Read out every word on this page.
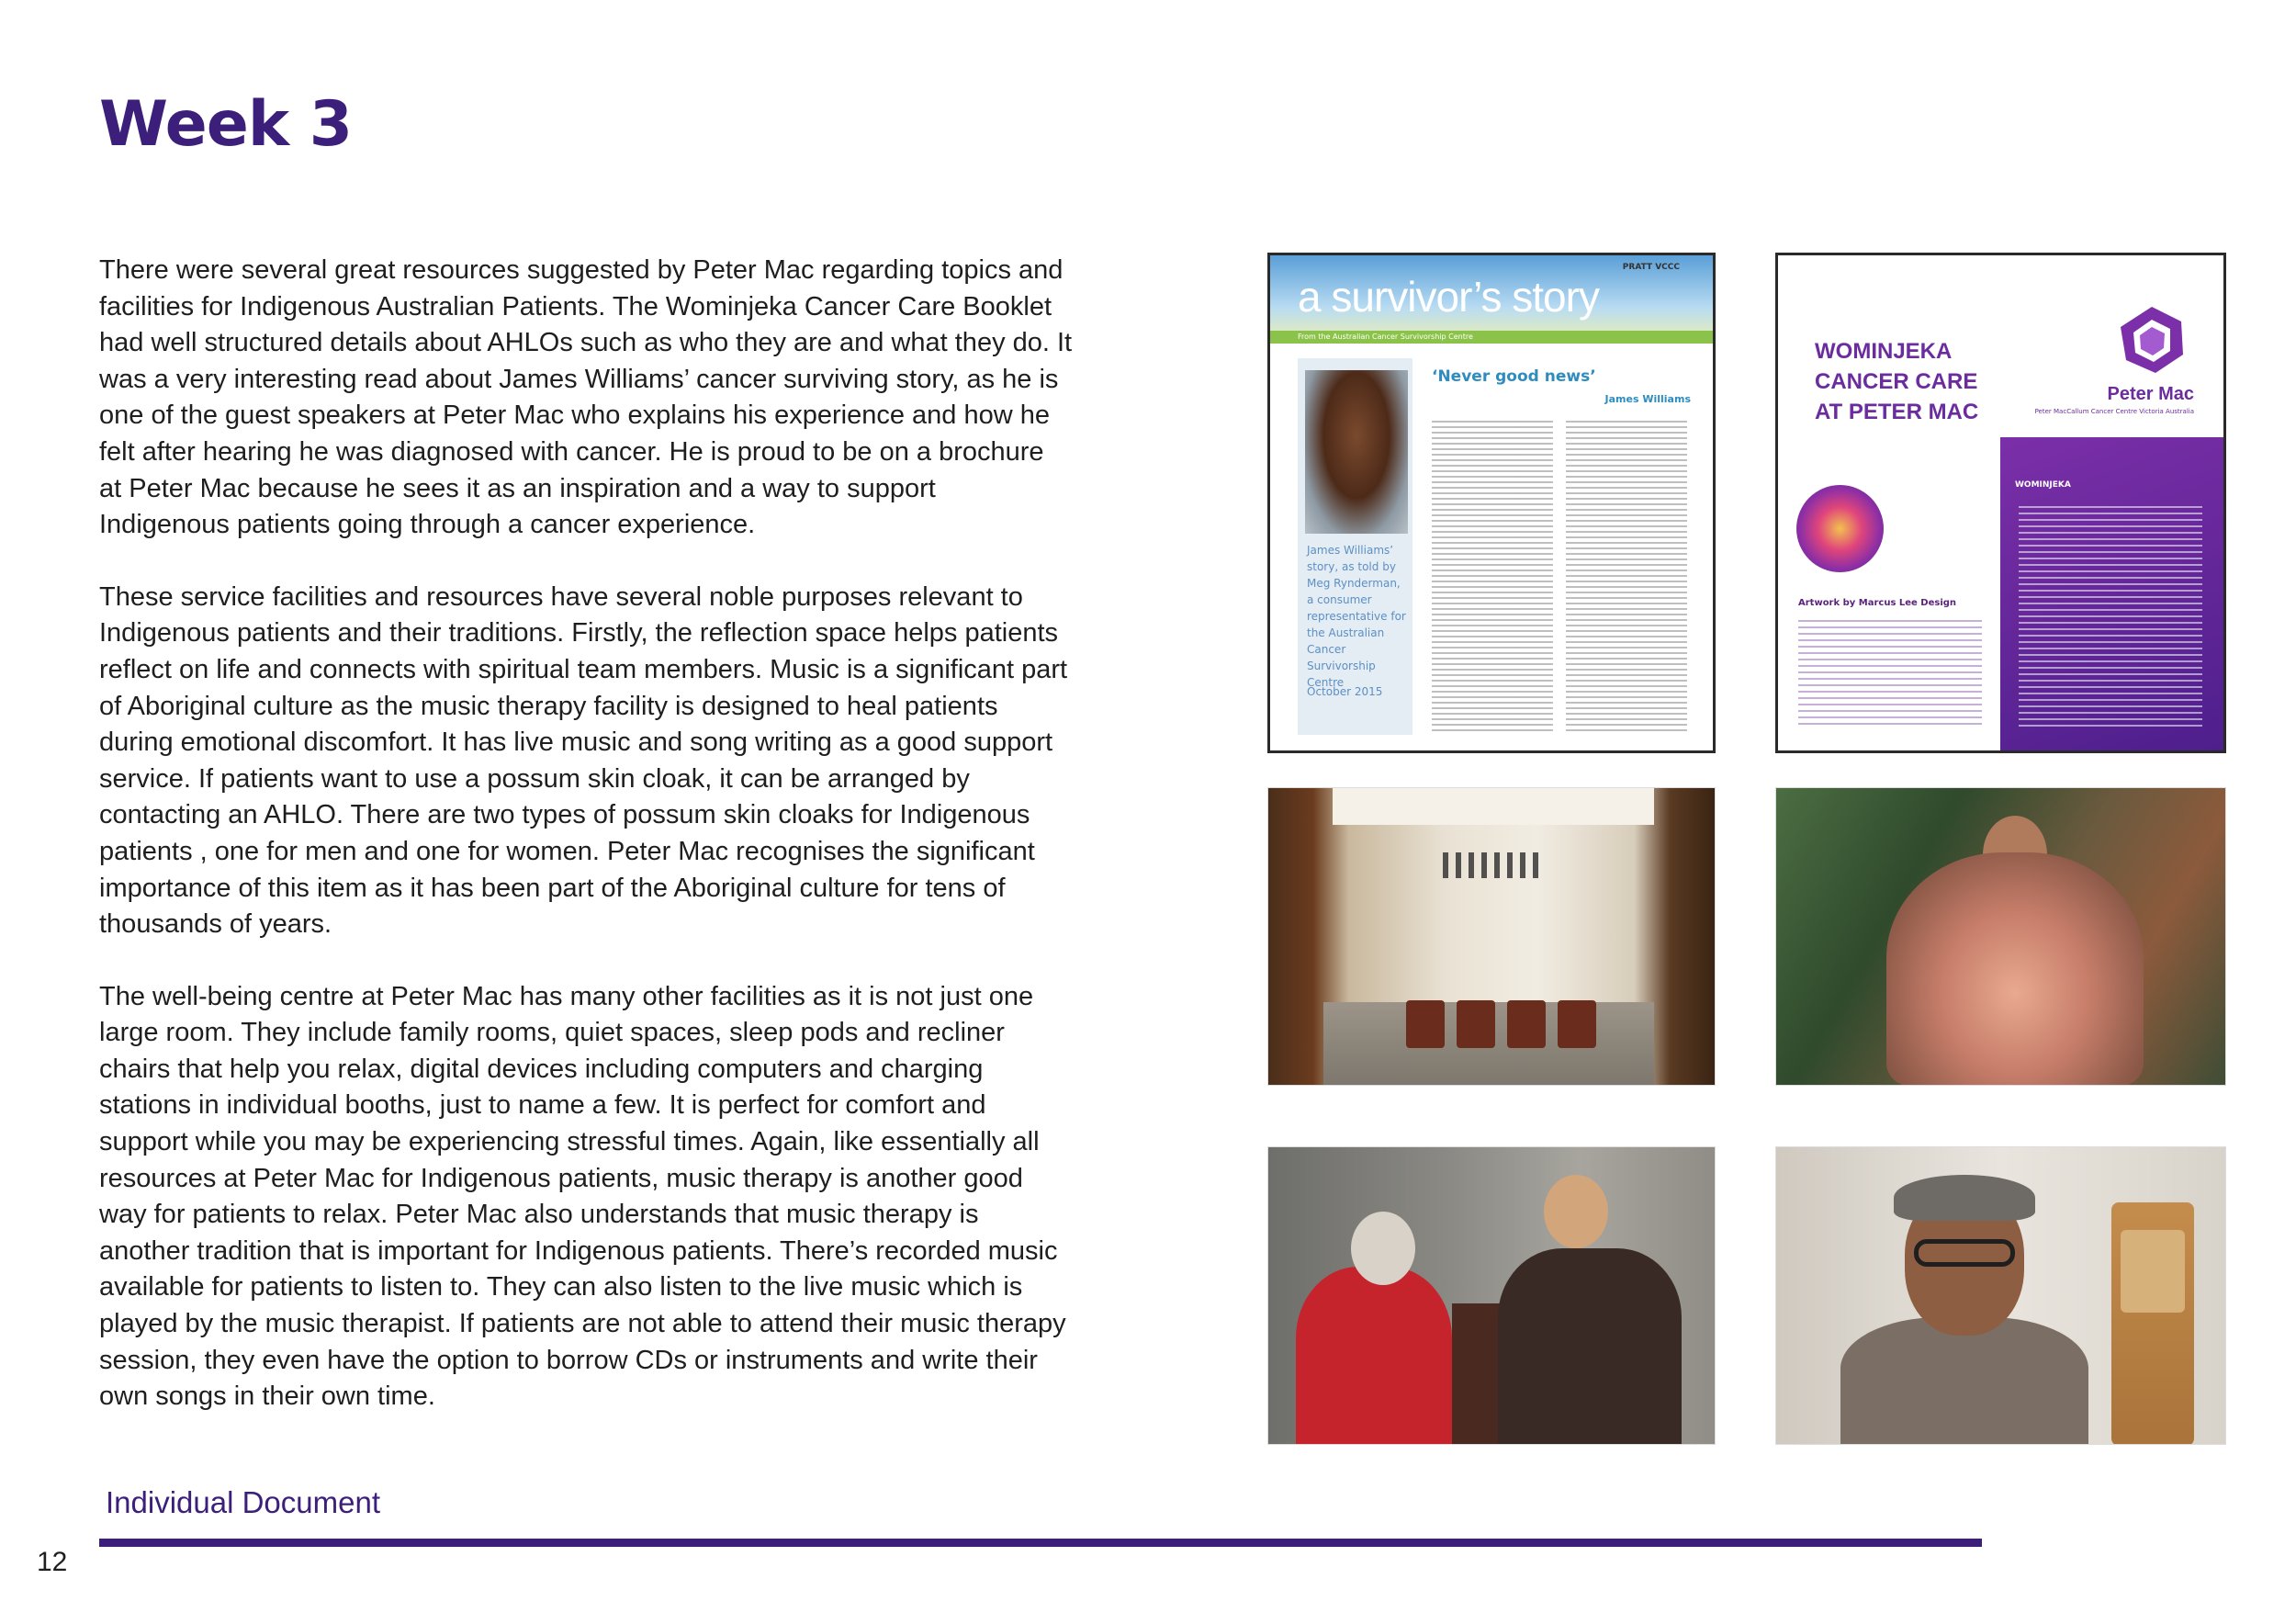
Week 3

There were several great resources suggested by Peter Mac regarding topics and facilities for Indigenous Australian Patients. The Wominjeka Cancer Care Booklet had well structured details about AHLOs such as who they are and what they do. It was a very interesting read about James Williams’ cancer surviving story, as he is one of the guest speakers at Peter Mac who explains his experience and how he felt after hearing he was diagnosed with cancer. He is proud to be on a brochure at Peter Mac because he sees it as an inspiration and a way to support Indigenous patients going through a cancer experience.

These service facilities and resources have several noble purposes relevant to Indigenous patients and their traditions. Firstly, the reflection space helps patients reflect on life and connects with spiritual team members. Music is a significant part of Aboriginal culture as the music therapy facility is designed to heal patients during emotional discomfort. It has live music and song writing as a good support service. If patients want to use a possum skin cloak, it can be arranged by contacting an AHLO. There are two types of possum skin cloaks for Indigenous patients , one for men and one for women. Peter Mac recognises the significant importance of this item as it has been part of the Aboriginal culture for tens of thousands of years.

The well-being centre at Peter Mac has many other facilities as it is not just one large room. They include family rooms, quiet spaces, sleep pods and recliner chairs that help you relax, digital devices including computers and charging stations in individual booths, just to name a few. It is perfect for comfort and support while you may be experiencing stressful times. Again, like essentially all resources at Peter Mac for Indigenous patients, music therapy is another good way for patients to relax. Peter Mac also understands that music therapy is another tradition that is important for Indigenous patients. There’s recorded music available for patients to listen to. They can also listen to the live music which is played by the music therapist. If patients are not able to attend their music therapy session, they even have the option to borrow CDs or instruments and write their own songs in their own time.

a survivor’s story
PRATT VCCC
From the Australian Cancer Survivorship Centre
James Williams’ story, as told by Meg Rynderman, a consumer representative for the Australian Cancer Survivorship Centre
October 2015
‘Never good news’
James Williams
WOMINJEKA
CANCER CARE
AT PETER MAC
Peter Mac
Peter MacCallum Cancer Centre Victoria Australia
WOMINJEKA
Artwork by Marcus Lee Design
Individual Document
12
